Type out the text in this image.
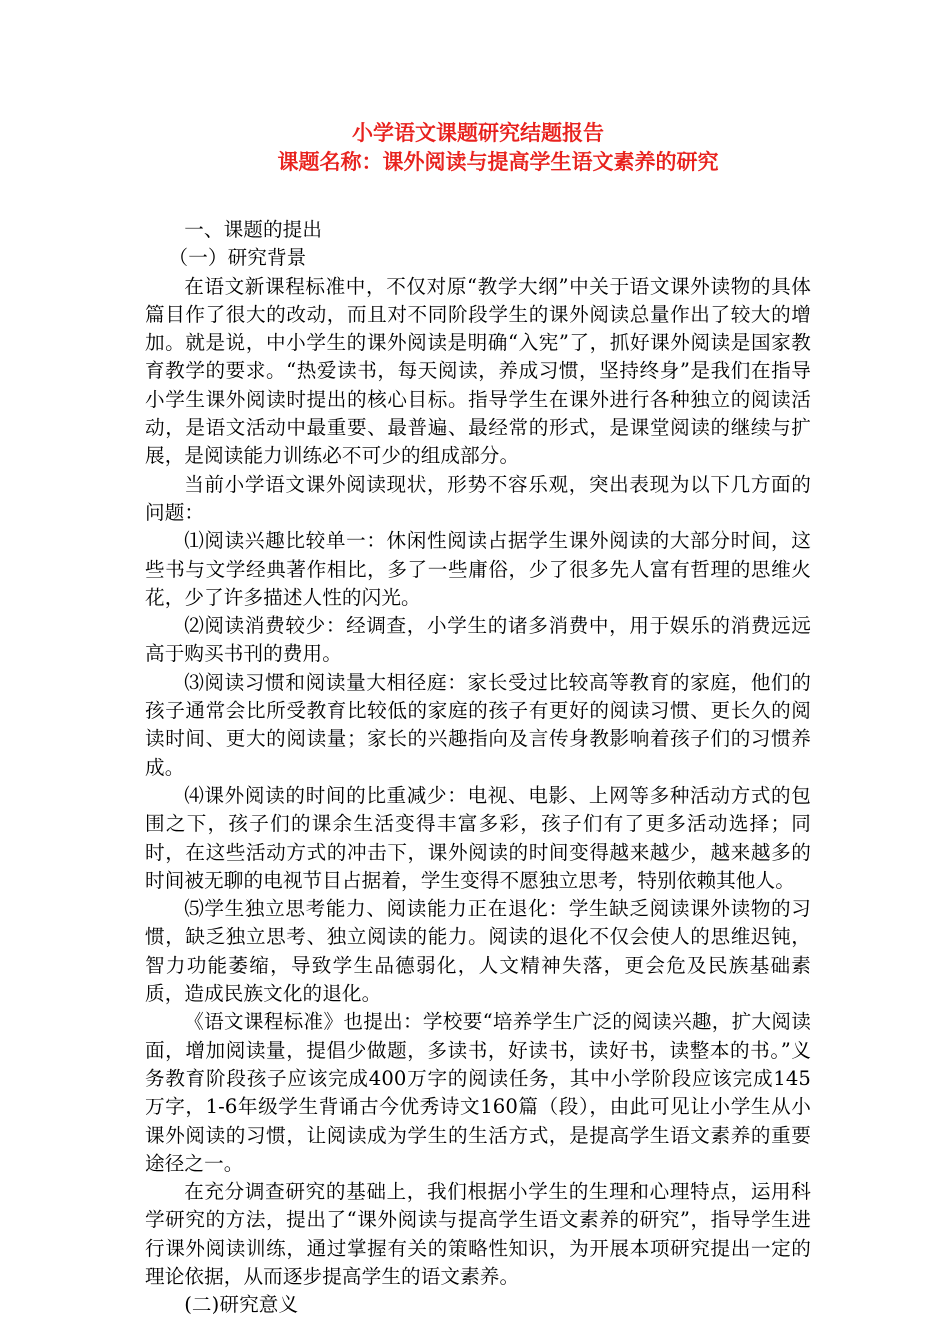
小学语文课题研究结题报告
课题名称：课外阅读与提高学生语文素养的研究

一、课题的提出

（一）研究背景

在语文新课程标准中，不仅对原“教学大纲”中关于语文课外读物的具体篇目作了很大的改动，而且对不同阶段学生的课外阅读总量作出了较大的增加。就是说，中小学生的课外阅读是明确“入宪”了，抓好课外阅读是国家教育教学的要求。“热爱读书，每天阅读，养成习惯，坚持终身”是我们在指导小学生课外阅读时提出的核心目标。指导学生在课外进行各种独立的阅读活动，是语文活动中最重要、最普遍、最经常的形式，是课堂阅读的继续与扩展，是阅读能力训练必不可少的组成部分。

当前小学语文课外阅读现状，形势不容乐观，突出表现为以下几方面的问题：

⑴阅读兴趣比较单一：休闲性阅读占据学生课外阅读的大部分时间，这些书与文学经典著作相比，多了一些庸俗，少了很多先人富有哲理的思维火花，少了许多描述人性的闪光。

⑵阅读消费较少：经调查，小学生的诸多消费中，用于娱乐的消费远远高于购买书刊的费用。

⑶阅读习惯和阅读量大相径庭：家长受过比较高等教育的家庭，他们的孩子通常会比所受教育比较低的家庭的孩子有更好的阅读习惯、更长久的阅读时间、更大的阅读量；家长的兴趣指向及言传身教影响着孩子们的习惯养成。

⑷课外阅读的时间的比重减少：电视、电影、上网等多种活动方式的包围之下，孩子们的课余生活变得丰富多彩，孩子们有了更多活动选择；同时，在这些活动方式的冲击下，课外阅读的时间变得越来越少，越来越多的时间被无聊的电视节目占据着，学生变得不愿独立思考，特别依赖其他人。

⑸学生独立思考能力、阅读能力正在退化：学生缺乏阅读课外读物的习惯，缺乏独立思考、独立阅读的能力。阅读的退化不仅会使人的思维迟钝，智力功能萎缩，导致学生品德弱化，人文精神失落，更会危及民族基础素质，造成民族文化的退化。

《语文课程标准》也提出：学校要“培养学生广泛的阅读兴趣，扩大阅读面，增加阅读量，提倡少做题，多读书，好读书，读好书，读整本的书。”义务教育阶段孩子应该完成400万字的阅读任务，其中小学阶段应该完成145万字，1-6年级学生背诵古今优秀诗文160篇（段），由此可见让小学生从小课外阅读的习惯，让阅读成为学生的生活方式，是提高学生语文素养的重要途径之一。

在充分调查研究的基础上，我们根据小学生的生理和心理特点，运用科学研究的方法，提出了“课外阅读与提高学生语文素养的研究”，指导学生进行课外阅读训练，通过掌握有关的策略性知识，为开展本项研究提出一定的理论依据，从而逐步提高学生的语文素养。

(二)研究意义
